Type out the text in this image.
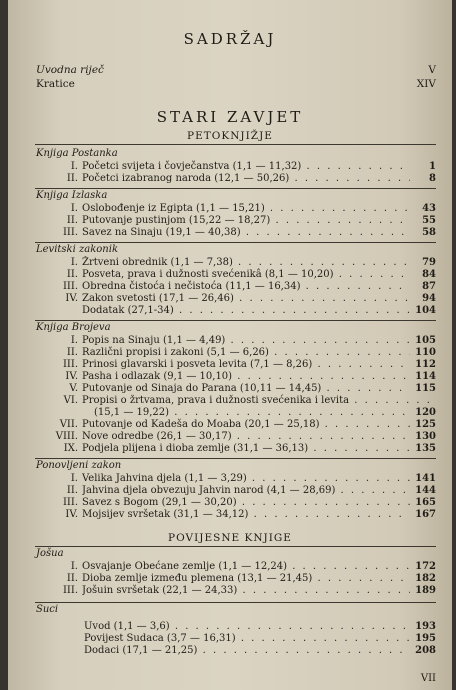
SADRŽAJ
Uvodna riječ	V
Kratice	XIV
STARI ZAVJET
PETOKNJIŽJE
Knjiga Postanka
I. Početci svijeta i čovječanstva (1,1 — 11,32) . . .	1
II. Početci izabranog naroda (12,1 — 50,26) . . .	8
Knjiga Izlaska
I. Oslobođenje iz Egipta (1,1 — 15,21) . . .	43
II. Putovanje pustinjom (15,22 — 18,27) . . .	55
III. Savez na Sinaju (19,1 — 40,38) . . .	58
Levitski zakonik
I. Žrtveni obrednik (1,1 — 7,38) . . .	79
II. Posveta, prava i dužnosti svećenikâ (8,1 — 10,20) . . .	84
III. Obredna čistoća i nečistoća (11,1 — 16,34) . . .	87
IV. Zakon svetosti (17,1 — 26,46) . . .	94
Dodatak (27,1-34) . . .	104
Knjiga Brojeva
I. Popis na Sinaju (1,1 — 4,49) . . .	105
II. Različni propisi i zakoni (5,1 — 6,26) . . .	110
III. Prinosi glavarski i posveta levita (7,1 — 8,26) . . .	112
IV. Pasha i odlazak (9,1 — 10,10) . . .	114
V. Putovanje od Sinaja do Parana (10,11 — 14,45) . . .	115
VI. Propisi o žrtvama, prava i dužnosti svećenika i levita . . .
(15,1 — 19,22) . . .	120
VII. Putovanje od Kadeša do Moaba (20,1 — 25,18) . . .	125
VIII. Nove odredbe (26,1 — 30,17) . . .	130
IX. Podjela plijena i dioba zemlje (31,1 — 36,13) . . .	135
Ponovljeni zakon
I. Velika Jahvina djela (1,1 — 3,29) . . .	141
II. Jahvina djela obvezuju Jahvin narod (4,1 — 28,69) . . .	144
III. Savez s Bogom (29,1 — 30,20) . . .	165
IV. Mojsijev svršetak (31,1 — 34,12) . . .	167
POVIJESNE KNJIGE
Jošua
I. Osvajanje Obećane zemlje (1,1 — 12,24) . . .	172
II. Dioba zemlje između plemena (13,1 — 21,45) . . .	182
III. Jošuin svršetak (22,1 — 24,33) . . .	189
Suci
Uvod (1,1 — 3,6) . . .	193
Povijest Sudaca (3,7 — 16,31) . . .	195
Dodaci (17,1 — 21,25) . . .	208
VII
